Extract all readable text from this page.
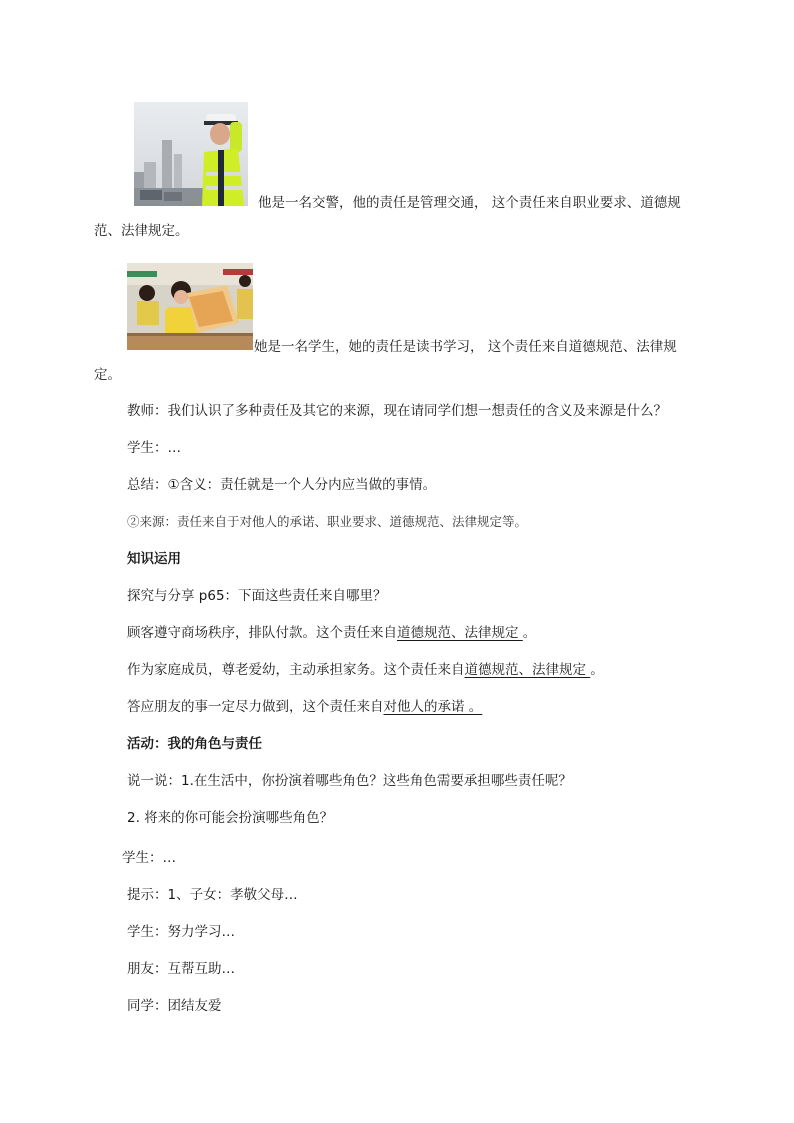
他是一名交警，他的责任是管理交通， 这个责任来自职业要求、道德规
范、法律规定。
她是一名学生，她的责任是读书学习， 这个责任来自道德规范、法律规
定。
教师：我们认识了多种责任及其它的来源，现在请同学们想一想责任的含义及来源是什么？
学生：…
总结：①含义：责任就是一个人分内应当做的事情。
②来源：责任来自于对他人的承诺、职业要求、道德规范、法律规定等。
知识运用
探究与分享 p65：下面这些责任来自哪里？
顾客遵守商场秩序，排队付款。这个责任来自道德规范、法律规定 。
作为家庭成员，尊老爱幼，主动承担家务。这个责任来自道德规范、法律规定 。
答应朋友的事一定尽力做到，这个责任来自对他人的承诺 。
活动：我的角色与责任
说一说：1.在生活中，你扮演着哪些角色？这些角色需要承担哪些责任呢？
2. 将来的你可能会扮演哪些角色？
学生：…
提示：1、子女：孝敬父母…
学生：努力学习…
朋友：互帮互助…
同学：团结友爱
